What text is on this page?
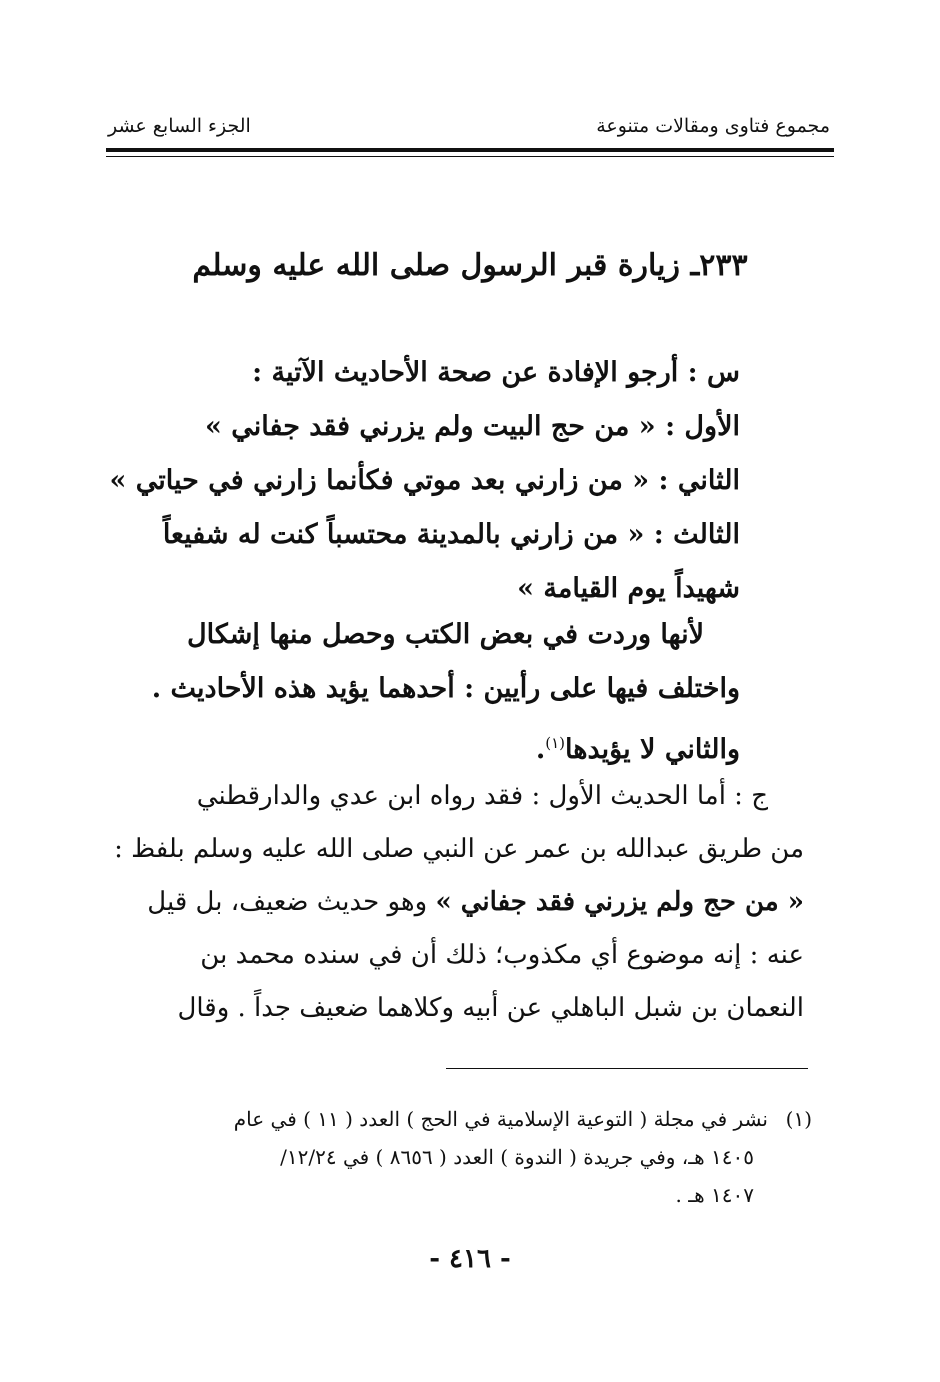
مجموع فتاوى ومقالات متنوعة
الجزء السابع عشر
٢٣٣ـ زيارة قبر الرسول صلى الله عليه وسلم
س : أرجو الإفادة عن صحة الأحاديث الآتية :
الأول : « من حج البيت ولم يزرني فقد جفاني »
الثاني : « من زارني بعد موتي فكأنما زارني في حياتي »
الثالث : « من زارني بالمدينة محتسباً كنت له شفيعاً
شهيداً يوم القيامة »
لأنها وردت في بعض الكتب وحصل منها إشكال
واختلف فيها على رأيين : أحدهما يؤيد هذه الأحاديث .
والثاني لا يؤيدها$^{(١)}$.
ج : أما الحديث الأول : فقد رواه ابن عدي والدارقطني
من طريق عبدالله بن عمر عن النبي صلى الله عليه وسلم بلفظ :
« من حج ولم يزرني فقد جفاني » وهو حديث ضعيف، بل قيل
عنه : إنه موضوع أي مكذوب؛ ذلك أن في سنده محمد بن
النعمان بن شبل الباهلي عن أبيه وكلاهما ضعيف جداً . وقال
(١)نشر في مجلة ( التوعية الإسلامية في الحج ) العدد ( ١١ ) في عام
١٤٠٥ هـ، وفي جريدة ( الندوة ) العدد ( ٨٦٥٦ ) في ١٢/٢٤/
١٤٠٧ هـ .
- ٤١٦ -
